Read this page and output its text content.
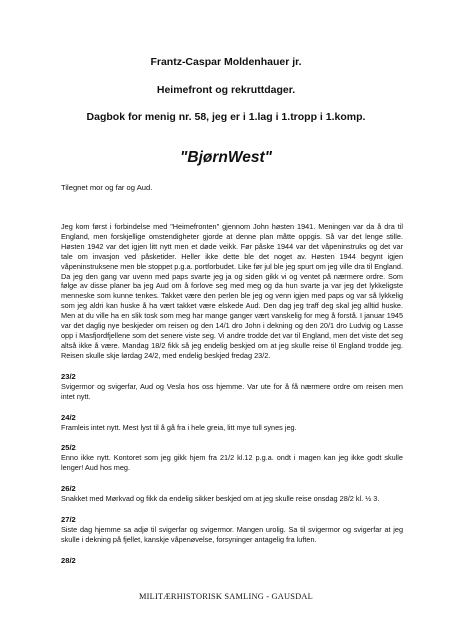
Frantz-Caspar Moldenhauer jr.
Heimefront og rekruttdager.
Dagbok for menig nr. 58, jeg er i 1.lag i 1.tropp i 1.komp.
"BjørnWest"
Tilegnet mor og far og Aud.

Jeg kom først i forbindelse med "Heimefronten" gjennom John høsten 1941. Meningen var da å dra til England, men forskjellige omstendigheter gjorde at denne plan måtte oppgis. Så var det lenge stille. Høsten 1942 var det igjen litt nytt men et døde veikk. Før påske 1944 var det våpeninstruks og det var tale om invasjon ved påsketider. Heller ikke dette ble det noget av. Høsten 1944 begynt igjen våpeninstruksene men ble stoppet p.g.a. portforbudet. Like før jul ble jeg spurt om jeg ville dra til England. Da jeg den gang var uvenn med paps svarte jeg ja og siden gikk vi og ventet på nærmere ordre. Som følge av disse planer ba jeg Aud om å forlove seg med meg og da hun svarte ja var jeg det lykkeligste menneske som kunne tenkes. Takket være den perlen ble jeg og venn igjen med paps og var så lykkelig som jeg aldri kan huske å ha vært takket være elskede Aud. Den dag jeg traff deg skal jeg alltid huske. Men at du ville ha en slik tosk som meg har mange ganger vært vanskelig for meg å forstå. I januar 1945 var det daglig nye beskjeder om reisen og den 14/1 dro John i dekning og den 20/1 dro Ludvig og Lasse opp i Masfjordfjellene som det senere viste seg. Vi andre trodde det var til England, men det viste det seg altså ikke å være. Mandag 18/2 fikk så jeg endelig beskjed om at jeg skulle reise til England trodde jeg. Reisen skulle skje lørdag 24/2, med endelig beskjed fredag 23/2.

23/2

Svigermor og svigerfar, Aud og Vesla hos oss hjemme. Var ute for å få nærmere ordre om reisen men intet nytt.

24/2

Framleis intet nytt. Mest lyst til å gå fra i hele greia, litt mye tull synes jeg.

25/2

Enno ikke nytt. Kontoret som jeg gikk hjem fra 21/2 kl.12 p.g.a. ondt i magen kan jeg ikke godt skulle lenger! Aud hos meg.

26/2

Snakket med Mørkvad og fikk da endelig sikker beskjed om at jeg skulle reise onsdag 28/2 kl. ½ 3.

27/2

Siste dag hjemme sa adjø til svigerfar og svigermor. Mangen urolig. Sa til svigermor og svigerfar at jeg skulle i dekning på fjellet, kanskje våpenøvelse, forsyninger antagelig fra luften.

28/2

MILITÆRHISTORISK SAMLING - GAUSDAL
